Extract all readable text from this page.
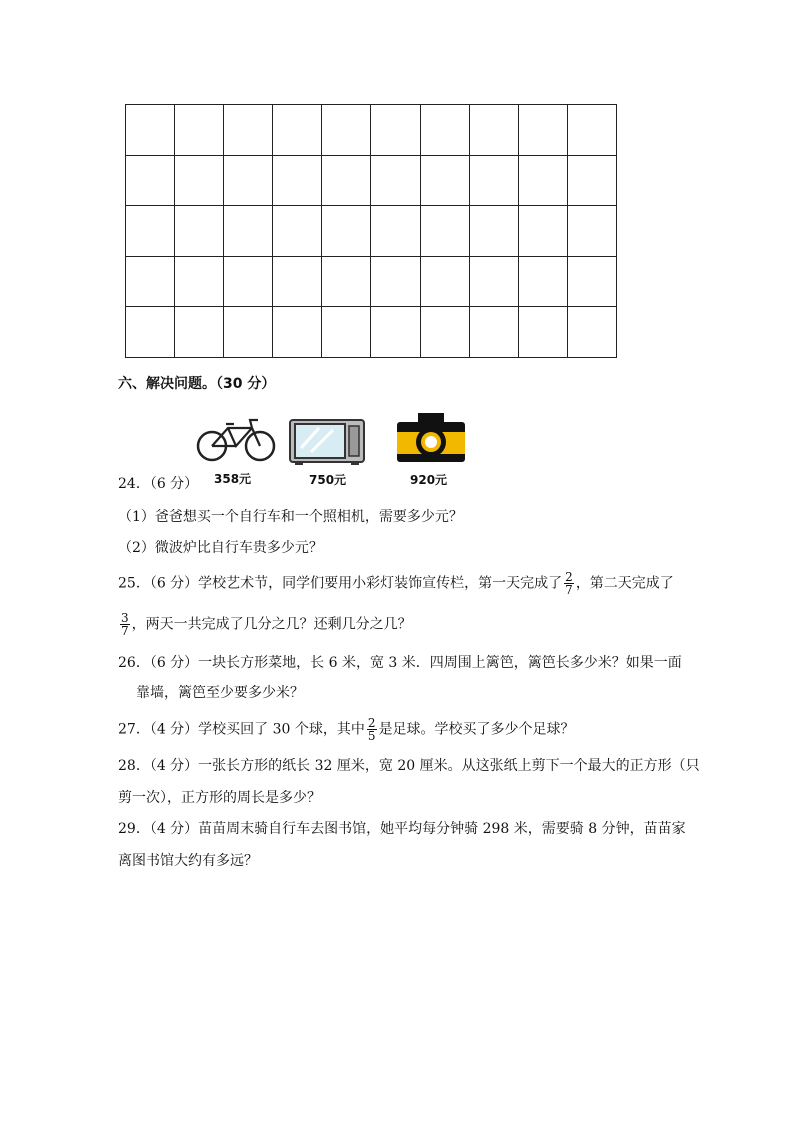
六、解决问题。（30 分）
358元	750元	920元
24．（6 分）
（1）爸爸想买一个自行车和一个照相机，需要多少元？
（2）微波炉比自行车贵多少元？
25．（6 分）学校艺术节，同学们要用小彩灯装饰宣传栏，第一天完成了 $\frac{2}{7}$ ，第二天完成了
$\frac{3}{7}$ ，两天一共完成了几分之几？还剩几分之几？
26．（6 分）一块长方形菜地，长 6 米，宽 3 米．四周围上篱笆，篱笆长多少米？如果一面
靠墙，篱笆至少要多少米？
27．（4 分）学校买回了 30 个球，其中 $\frac{2}{5}$ 是足球。学校买了多少个足球？
28．（4 分）一张长方形的纸长 32 厘米，宽 20 厘米。从这张纸上剪下一个最大的正方形（只
剪一次），正方形的周长是多少？
29．（4 分）苗苗周末骑自行车去图书馆，她平均每分钟骑 298 米，需要骑 8 分钟，苗苗家
离图书馆大约有多远？
